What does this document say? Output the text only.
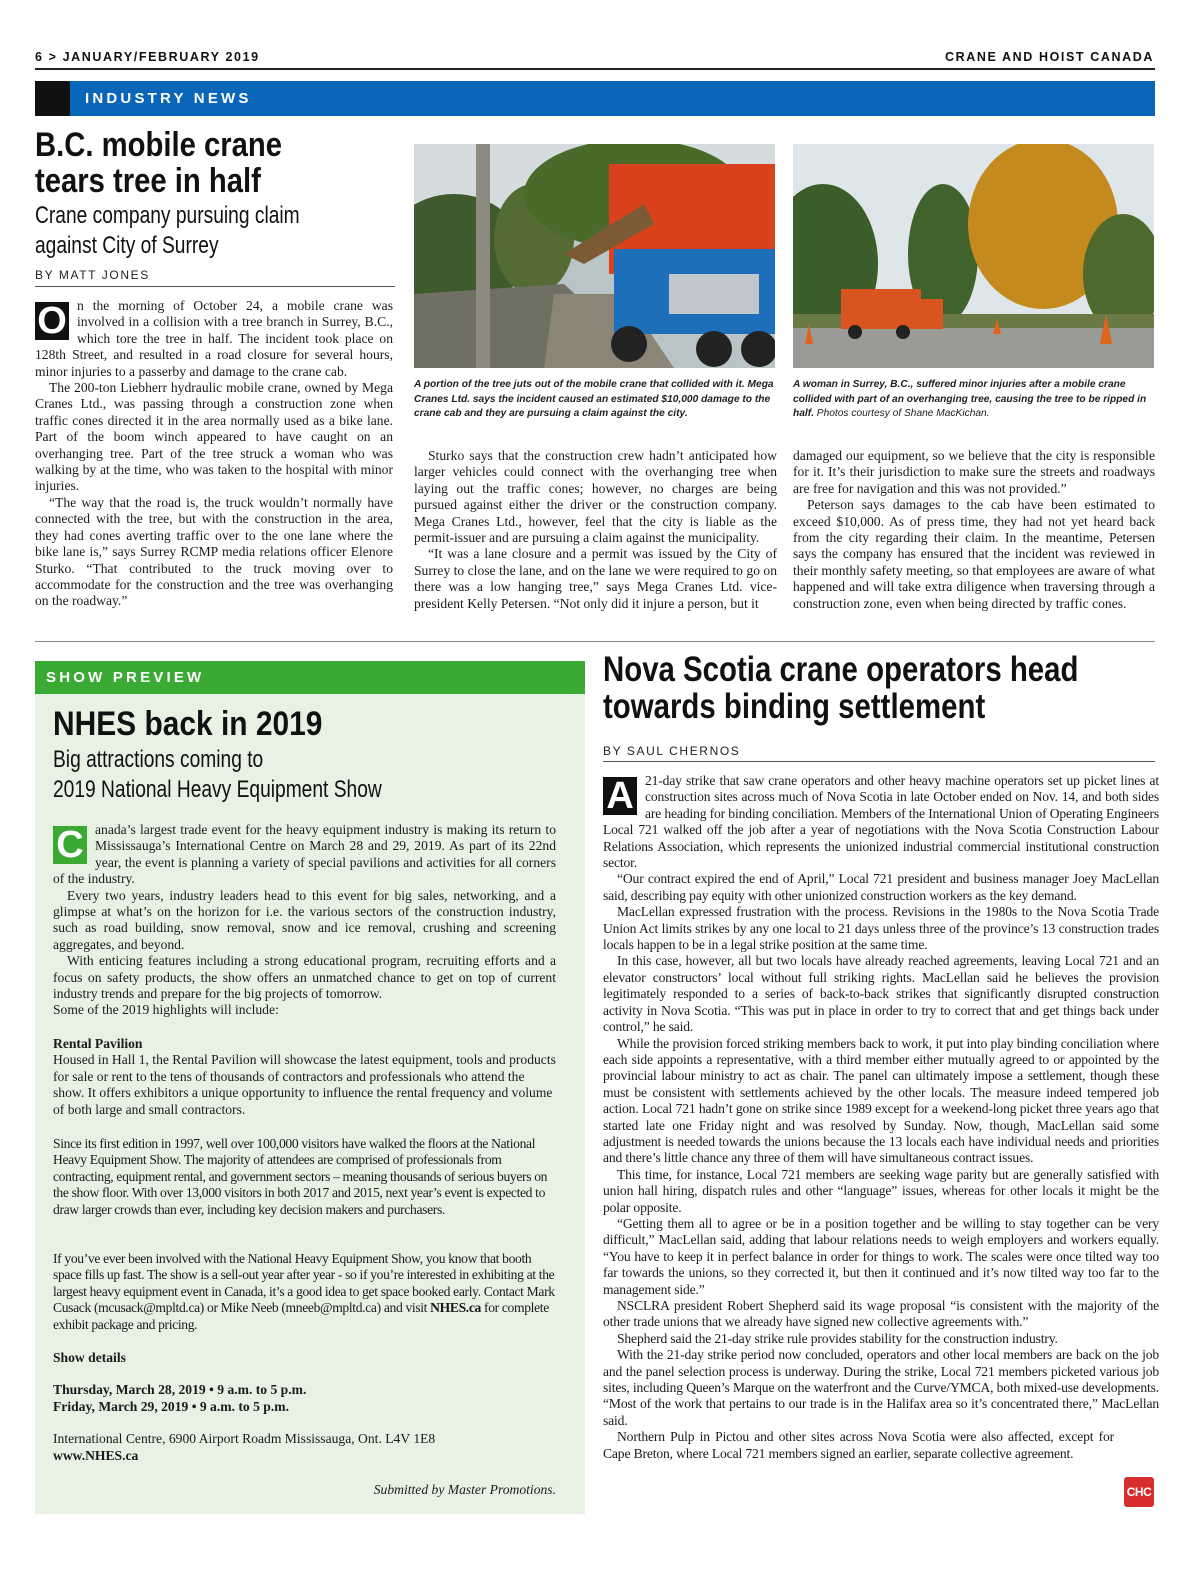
6 > JANUARY/FEBRUARY 2019	CRANE AND HOIST CANADA
INDUSTRY NEWS
B.C. mobile crane
tears tree in half
Crane company pursuing claim
against City of Surrey
BY MATT JONES
O n the morning of October 24, a mobile crane was involved in a collision with a tree branch in Surrey, B.C., which tore the tree in half. The incident took place on 128th Street, and resulted in a road closure for several hours, minor injuries to a passerby and damage to the crane cab.

The 200-ton Liebherr hydraulic mobile crane, owned by Mega Cranes Ltd., was passing through a construction zone when traffic cones directed it in the area normally used as a bike lane. Part of the boom winch appeared to have caught on an overhanging tree. Part of the tree struck a woman who was walking by at the time, who was taken to the hospital with minor injuries.

“The way that the road is, the truck wouldn’t normally have connected with the tree, but with the construction in the area, they had cones averting traffic over to the one lane where the bike lane is,” says Surrey RCMP media relations officer Elenore Sturko. “That contributed to the truck moving over to accommodate for the construction and the tree was overhanging on the roadway.”

A portion of the tree juts out of the mobile crane that collided with it. Mega Cranes Ltd. says the incident caused an estimated $10,000 damage to the crane cab and they are pursuing a claim against the city.
A woman in Surrey, B.C., suffered minor injuries after a mobile crane collided with part of an overhanging tree, causing the tree to be ripped in half. Photos courtesy of Shane MacKichan.

Sturko says that the construction crew hadn’t anticipated how larger vehicles could connect with the overhanging tree when laying out the traffic cones; however, no charges are being pursued against either the driver or the construction company. Mega Cranes Ltd., however, feel that the city is liable as the permit-issuer and are pursuing a claim against the municipality.

“It was a lane closure and a permit was issued by the City of Surrey to close the lane, and on the lane we were required to go on there was a low hanging tree,” says Mega Cranes Ltd. vice-president Kelly Petersen. “Not only did it injure a person, but it

damaged our equipment, so we believe that the city is responsible for it. It’s their jurisdiction to make sure the streets and roadways are free for navigation and this was not provided.”

Peterson says damages to the cab have been estimated to exceed $10,000. As of press time, they had not yet heard back from the city regarding their claim. In the meantime, Petersen says the company has ensured that the incident was reviewed in their monthly safety meeting, so that employees are aware of what happened and will take extra diligence when traversing through a construction zone, even when being directed by traffic cones.

SHOW PREVIEW
NHES back in 2019
Big attractions coming to
2019 National Heavy Equipment Show
C anada’s largest trade event for the heavy equipment industry is making its return to Mississauga’s International Centre on March 28 and 29, 2019. As part of its 22nd year, the event is planning a variety of special pavilions and activities for all corners of the industry.

Every two years, industry leaders head to this event for big sales, networking, and a glimpse at what’s on the horizon for i.e. the various sectors of the construction industry, such as road building, snow removal, snow and ice removal, crushing and screening aggregates, and beyond.

With enticing features including a strong educational program, recruiting efforts and a focus on safety products, the show offers an unmatched chance to get on top of current industry trends and prepare for the big projects of tomorrow.

Some of the 2019 highlights will include:

Rental Pavilion

Housed in Hall 1, the Rental Pavilion will showcase the latest equipment, tools and products for sale or rent to the tens of thousands of contractors and professionals who attend the show. It offers exhibitors a unique opportunity to influence the rental frequency and volume of both large and small contractors.

Since its first edition in 1997, well over 100,000 visitors have walked the floors at the National Heavy Equipment Show. The majority of attendees are comprised of professionals from contracting, equipment rental, and government sectors – meaning thousands of serious buyers on the show floor. With over 13,000 visitors in both 2017 and 2015, next year’s event is expected to draw larger crowds than ever, including key decision makers and purchasers.

If you’ve ever been involved with the National Heavy Equipment Show, you know that booth space fills up fast. The show is a sell-out year after year - so if you’re interested in exhibiting at the largest heavy equipment event in Canada, it’s a good idea to get space booked early. Contact Mark Cusack (mcusack@mpltd.ca) or Mike Neeb (mneeb@mpltd.ca) and visit NHES.ca for complete exhibit package and pricing.

Show details

Thursday, March 28, 2019 • 9 a.m. to 5 p.m.

Friday, March 29, 2019 • 9 a.m. to 5 p.m.

International Centre, 6900 Airport Roadm Mississauga, Ont. L4V 1E8

www.NHES.ca

Submitted by Master Promotions.
Nova Scotia crane operators head
towards binding settlement
BY SAUL CHERNOS
A 21-day strike that saw crane operators and other heavy machine operators set up picket lines at construction sites across much of Nova Scotia in late October ended on Nov. 14, and both sides are heading for binding conciliation. Members of the International Union of Operating Engineers Local 721 walked off the job after a year of negotiations with the Nova Scotia Construction Labour Relations Association, which represents the unionized industrial commercial institutional construction sector.

“Our contract expired the end of April,” Local 721 president and business manager Joey MacLellan said, describing pay equity with other unionized construction workers as the key demand.

MacLellan expressed frustration with the process. Revisions in the 1980s to the Nova Scotia Trade Union Act limits strikes by any one local to 21 days unless three of the province’s 13 construction trades locals happen to be in a legal strike position at the same time.

In this case, however, all but two locals have already reached agreements, leaving Local 721 and an elevator constructors’ local without full striking rights. MacLellan said he believes the provision legitimately responded to a series of back-to-back strikes that significantly disrupted construction activity in Nova Scotia. “This was put in place in order to try to correct that and get things back under control,” he said.

While the provision forced striking members back to work, it put into play binding conciliation where each side appoints a representative, with a third member either mutually agreed to or appointed by the provincial labour ministry to act as chair. The panel can ultimately impose a settlement, though these must be consistent with settlements achieved by the other locals. The measure indeed tempered job action. Local 721 hadn’t gone on strike since 1989 except for a weekend-long picket three years ago that started late one Friday night and was resolved by Sunday. Now, though, MacLellan said some adjustment is needed towards the unions because the 13 locals each have individual needs and priorities and there’s little chance any three of them will have simultaneous contract issues.

This time, for instance, Local 721 members are seeking wage parity but are generally satisfied with union hall hiring, dispatch rules and other “language” issues, whereas for other locals it might be the polar opposite.

“Getting them all to agree or be in a position together and be willing to stay together can be very difficult,” MacLellan said, adding that labour relations needs to weigh employers and workers equally. “You have to keep it in perfect balance in order for things to work. The scales were once tilted way too far towards the unions, so they corrected it, but then it continued and it’s now tilted way too far to the management side.”

NSCLRA president Robert Shepherd said its wage proposal “is consistent with the majority of the other trade unions that we already have signed new collective agreements with.”

Shepherd said the 21-day strike rule provides stability for the construction industry.

With the 21-day strike period now concluded, operators and other local members are back on the job and the panel selection process is underway. During the strike, Local 721 members picketed various job sites, including Queen’s Marque on the waterfront and the Curve/YMCA, both mixed-use developments. “Most of the work that pertains to our trade is in the Halifax area so it’s concentrated there,” MacLellan said.

Northern Pulp in Pictou and other sites across Nova Scotia were also affected, except for Cape Breton, where Local 721 members signed an earlier, separate collective agreement.

CHC
